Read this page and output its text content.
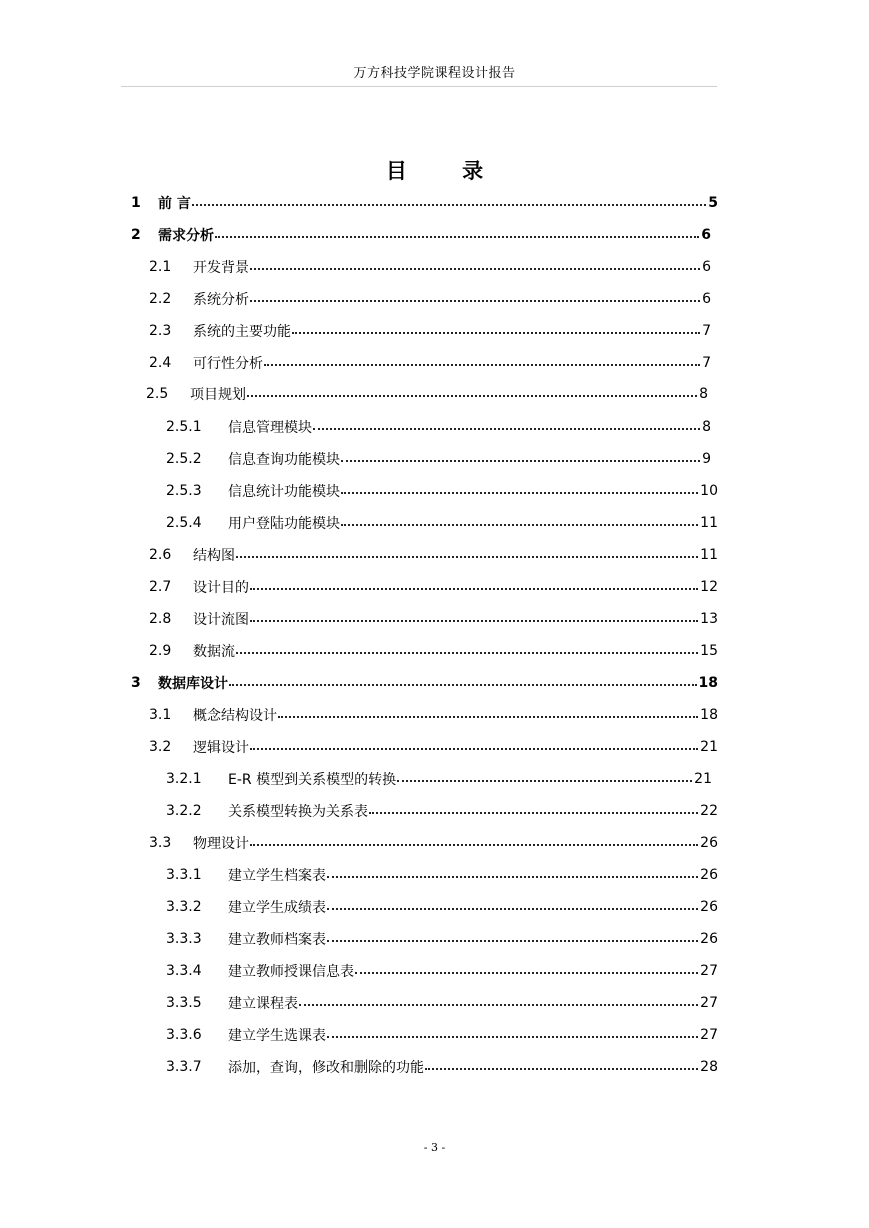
万方科技学院课程设计报告
目 录
1	前 言	5
2	需求分析	6
2.1	开发背景	6
2.2	系统分析	6
2.3	系统的主要功能	7
2.4	可行性分析	7
2.5	项目规划	8
2.5.1	信息管理模块	8
2.5.2	信息查询功能模块	9
2.5.3	信息统计功能模块	10
2.5.4	用户登陆功能模块	11
2.6	结构图	11
2.7	设计目的	12
2.8	设计流图	13
2.9	数据流	15
3	数据库设计	18
3.1	概念结构设计	18
3.2	逻辑设计	21
3.2.1	E-R 模型到关系模型的转换	21
3.2.2	关系模型转换为关系表	22
3.3	物理设计	26
3.3.1	建立学生档案表	26
3.3.2	建立学生成绩表	26
3.3.3	建立教师档案表	26
3.3.4	建立教师授课信息表	27
3.3.5	建立课程表	27
3.3.6	建立学生选课表	27
3.3.7	添加，查询，修改和删除的功能	28
- 3 -
